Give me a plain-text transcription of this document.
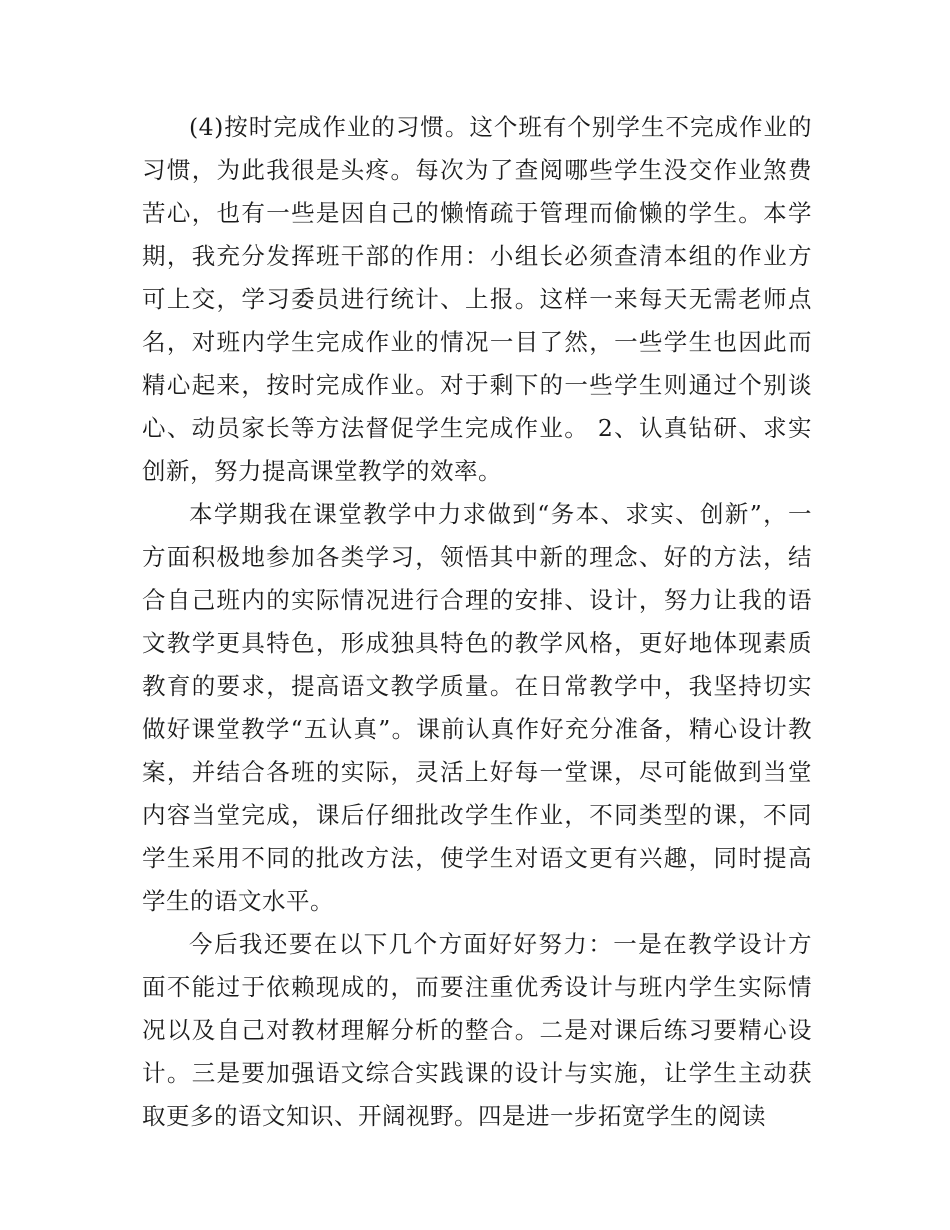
(4)按时完成作业的习惯。这个班有个别学生不完成作业的习惯，为此我很是头疼。每次为了查阅哪些学生没交作业煞费苦心，也有一些是因自己的懒惰疏于管理而偷懒的学生。本学期，我充分发挥班干部的作用：小组长必须查清本组的作业方可上交，学习委员进行统计、上报。这样一来每天无需老师点名，对班内学生完成作业的情况一目了然，一些学生也因此而精心起来，按时完成作业。对于剩下的一些学生则通过个别谈心、动员家长等方法督促学生完成作业。 2、认真钻研、求实创新，努力提高课堂教学的效率。

本学期我在课堂教学中力求做到“务本、求实、创新”，一方面积极地参加各类学习，领悟其中新的理念、好的方法，结合自己班内的实际情况进行合理的安排、设计，努力让我的语文教学更具特色，形成独具特色的教学风格，更好地体现素质教育的要求，提高语文教学质量。在日常教学中，我坚持切实做好课堂教学“五认真”。课前认真作好充分准备，精心设计教案，并结合各班的实际，灵活上好每一堂课，尽可能做到当堂内容当堂完成，课后仔细批改学生作业，不同类型的课，不同学生采用不同的批改方法，使学生对语文更有兴趣，同时提高学生的语文水平。

今后我还要在以下几个方面好好努力：一是在教学设计方面不能过于依赖现成的，而要注重优秀设计与班内学生实际情况以及自己对教材理解分析的整合。二是对课后练习要精心设计。三是要加强语文综合实践课的设计与实施，让学生主动获取更多的语文知识、开阔视野。四是进一步拓宽学生的阅读
